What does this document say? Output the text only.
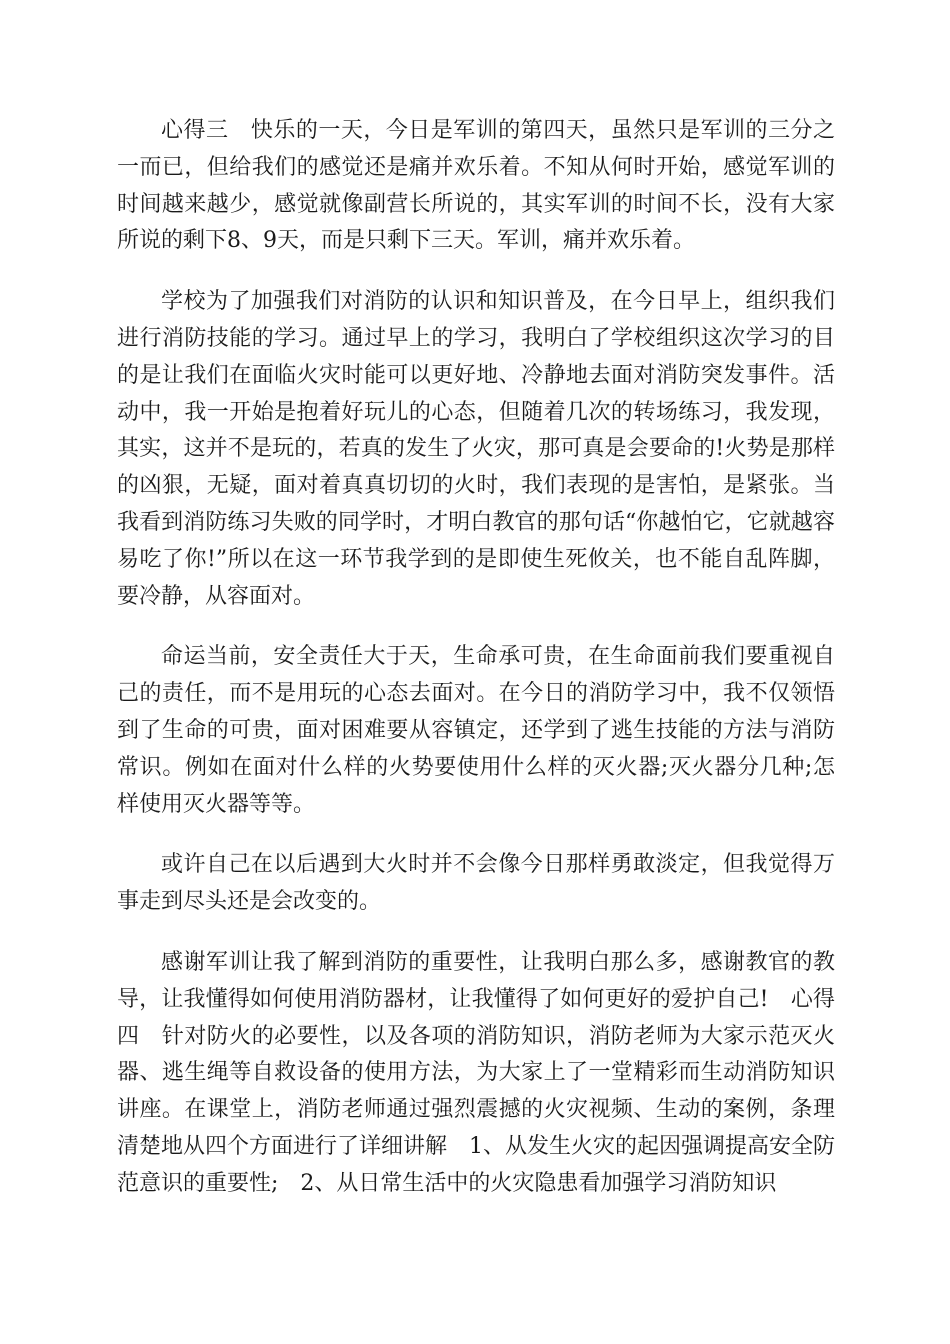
心得三　快乐的一天，今日是军训的第四天，虽然只是军训的三分之一而已，但给我们的感觉还是痛并欢乐着。不知从何时开始，感觉军训的时间越来越少，感觉就像副营长所说的，其实军训的时间不长，没有大家所说的剩下8、9天，而是只剩下三天。军训，痛并欢乐着。

学校为了加强我们对消防的认识和知识普及，在今日早上，组织我们进行消防技能的学习。通过早上的学习，我明白了学校组织这次学习的目的是让我们在面临火灾时能可以更好地、冷静地去面对消防突发事件。活动中，我一开始是抱着好玩儿的心态，但随着几次的转场练习，我发现，其实，这并不是玩的，若真的发生了火灾，那可真是会要命的!火势是那样的凶狠，无疑，面对着真真切切的火时，我们表现的是害怕，是紧张。当我看到消防练习失败的同学时，才明白教官的那句话“你越怕它，它就越容易吃了你!”所以在这一环节我学到的是即使生死攸关，也不能自乱阵脚，要冷静，从容面对。

命运当前，安全责任大于天，生命承可贵，在生命面前我们要重视自己的责任，而不是用玩的心态去面对。在今日的消防学习中，我不仅领悟到了生命的可贵，面对困难要从容镇定，还学到了逃生技能的方法与消防常识。例如在面对什么样的火势要使用什么样的灭火器;灭火器分几种;怎样使用灭火器等等。

或许自己在以后遇到大火时并不会像今日那样勇敢淡定，但我觉得万事走到尽头还是会改变的。

感谢军训让我了解到消防的重要性，让我明白那么多，感谢教官的教导，让我懂得如何使用消防器材，让我懂得了如何更好的爱护自己!　心得四　针对防火的必要性，以及各项的消防知识，消防老师为大家示范灭火器、逃生绳等自救设备的使用方法，为大家上了一堂精彩而生动消防知识讲座。在课堂上，消防老师通过强烈震撼的火灾视频、生动的案例，条理清楚地从四个方面进行了详细讲解　1、从发生火灾的起因强调提高安全防范意识的重要性;　2、从日常生活中的火灾隐患看加强学习消防知识
